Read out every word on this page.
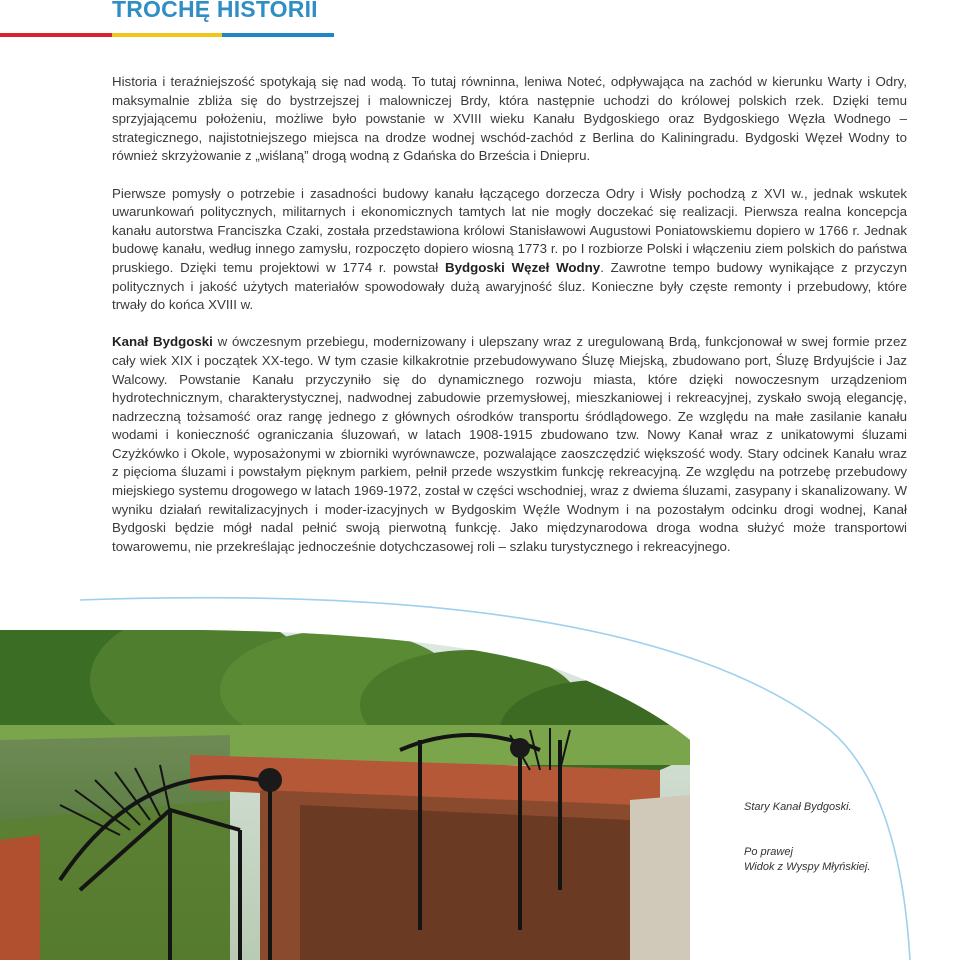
TROCHĘ HISTORII

Historia i teraźniejszość spotykają się nad wodą. To tutaj równinna, leniwa Noteć, odpływająca na zachód w kierunku Warty i Odry, maksymalnie zbliża się do bystrzejszej i malowniczej Brdy, która następnie uchodzi do królowej polskich rzek. Dzięki temu sprzyjającemu położeniu, możliwe było powstanie w XVIII wieku Kanału Bydgoskiego oraz Bydgoskiego Węzła Wodnego – strategicznego, najistotniejszego miejsca na drodze wodnej wschód-zachód z Berlina do Kaliningradu. Bydgoski Węzeł Wodny to również skrzyżowanie z „wiślaną” drogą wodną z Gdańska do Brześcia i Dniepru.

Pierwsze pomysły o potrzebie i zasadności budowy kanału łączącego dorzecza Odry i Wisły pochodzą z XVI w., jednak wskutek uwarunkowań politycznych, militarnych i ekonomicznych tamtych lat nie mogły doczekać się realizacji. Pierwsza realna koncepcja kanału autorstwa Franciszka Czaki, została przedstawiona królowi Stanisławowi Augustowi Poniatowskiemu dopiero w 1766 r. Jednak budowę kanału, według innego zamysłu, rozpoczęto dopiero wiosną 1773 r. po I rozbiorze Polski i włączeniu ziem polskich do państwa pruskiego. Dzięki temu projektowi w 1774 r. powstał Bydgoski Węzeł Wodny. Zawrotne tempo budowy wynikające z przyczyn politycznych i jakość użytych materiałów spowodowały dużą awaryjność śluz. Konieczne były częste remonty i przebudowy, które trwały do końca XVIII w.

Kanał Bydgoski w ówczesnym przebiegu, modernizowany i ulepszany wraz z uregulowaną Brdą, funkcjonował w swej formie przez cały wiek XIX i początek XX-tego. W tym czasie kilkakrotnie przebudowywano Śluzę Miejską, zbudowano port, Śluzę Brdyujście i Jaz Walcowy. Powstanie Kanału przyczyniło się do dynamicznego rozwoju miasta, które dzięki nowoczesnym urządzeniom hydrotechnicznym, charakterystycznej, nadwodnej zabudowie przemysłowej, mieszkaniowej i rekreacyjnej, zyskało swoją elegancję, nadrzeczną tożsamość oraz rangę jednego z głównych ośrodków transportu śródlądowego. Ze względu na małe zasilanie kanału wodami i konieczność ograniczania śluzowań, w latach 1908-1915 zbudowano tzw. Nowy Kanał wraz z unikatowymi śluzami Czyżkówko i Okole, wyposażonymi w zbiorniki wyrównawcze, pozwalające zaoszczędzić większość wody. Stary odcinek Kanału wraz z pięcioma śluzami i powstałym pięknym parkiem, pełnił przede wszystkim funkcję rekreacyjną. Ze względu na potrzebę przebudowy miejskiego systemu drogowego w latach 1969-1972, został w części wschodniej, wraz z dwiema śluzami, zasypany i skanalizowany. W wyniku działań rewitalizacyjnych i moder-izacyjnych w Bydgoskim Węźle Wodnym i na pozostałym odcinku drogi wodnej, Kanał Bydgoski będzie mógł nadal pełnić swoją pierwotną funkcję. Jako międzynarodowa droga wodna służyć może transportowi towarowemu, nie przekreślając jednocześnie dotychczasowej roli – szlaku turystycznego i rekreacyjnego.

Stary Kanał Bydgoski.
Po prawej
Widok z Wyspy Młyńskiej.
